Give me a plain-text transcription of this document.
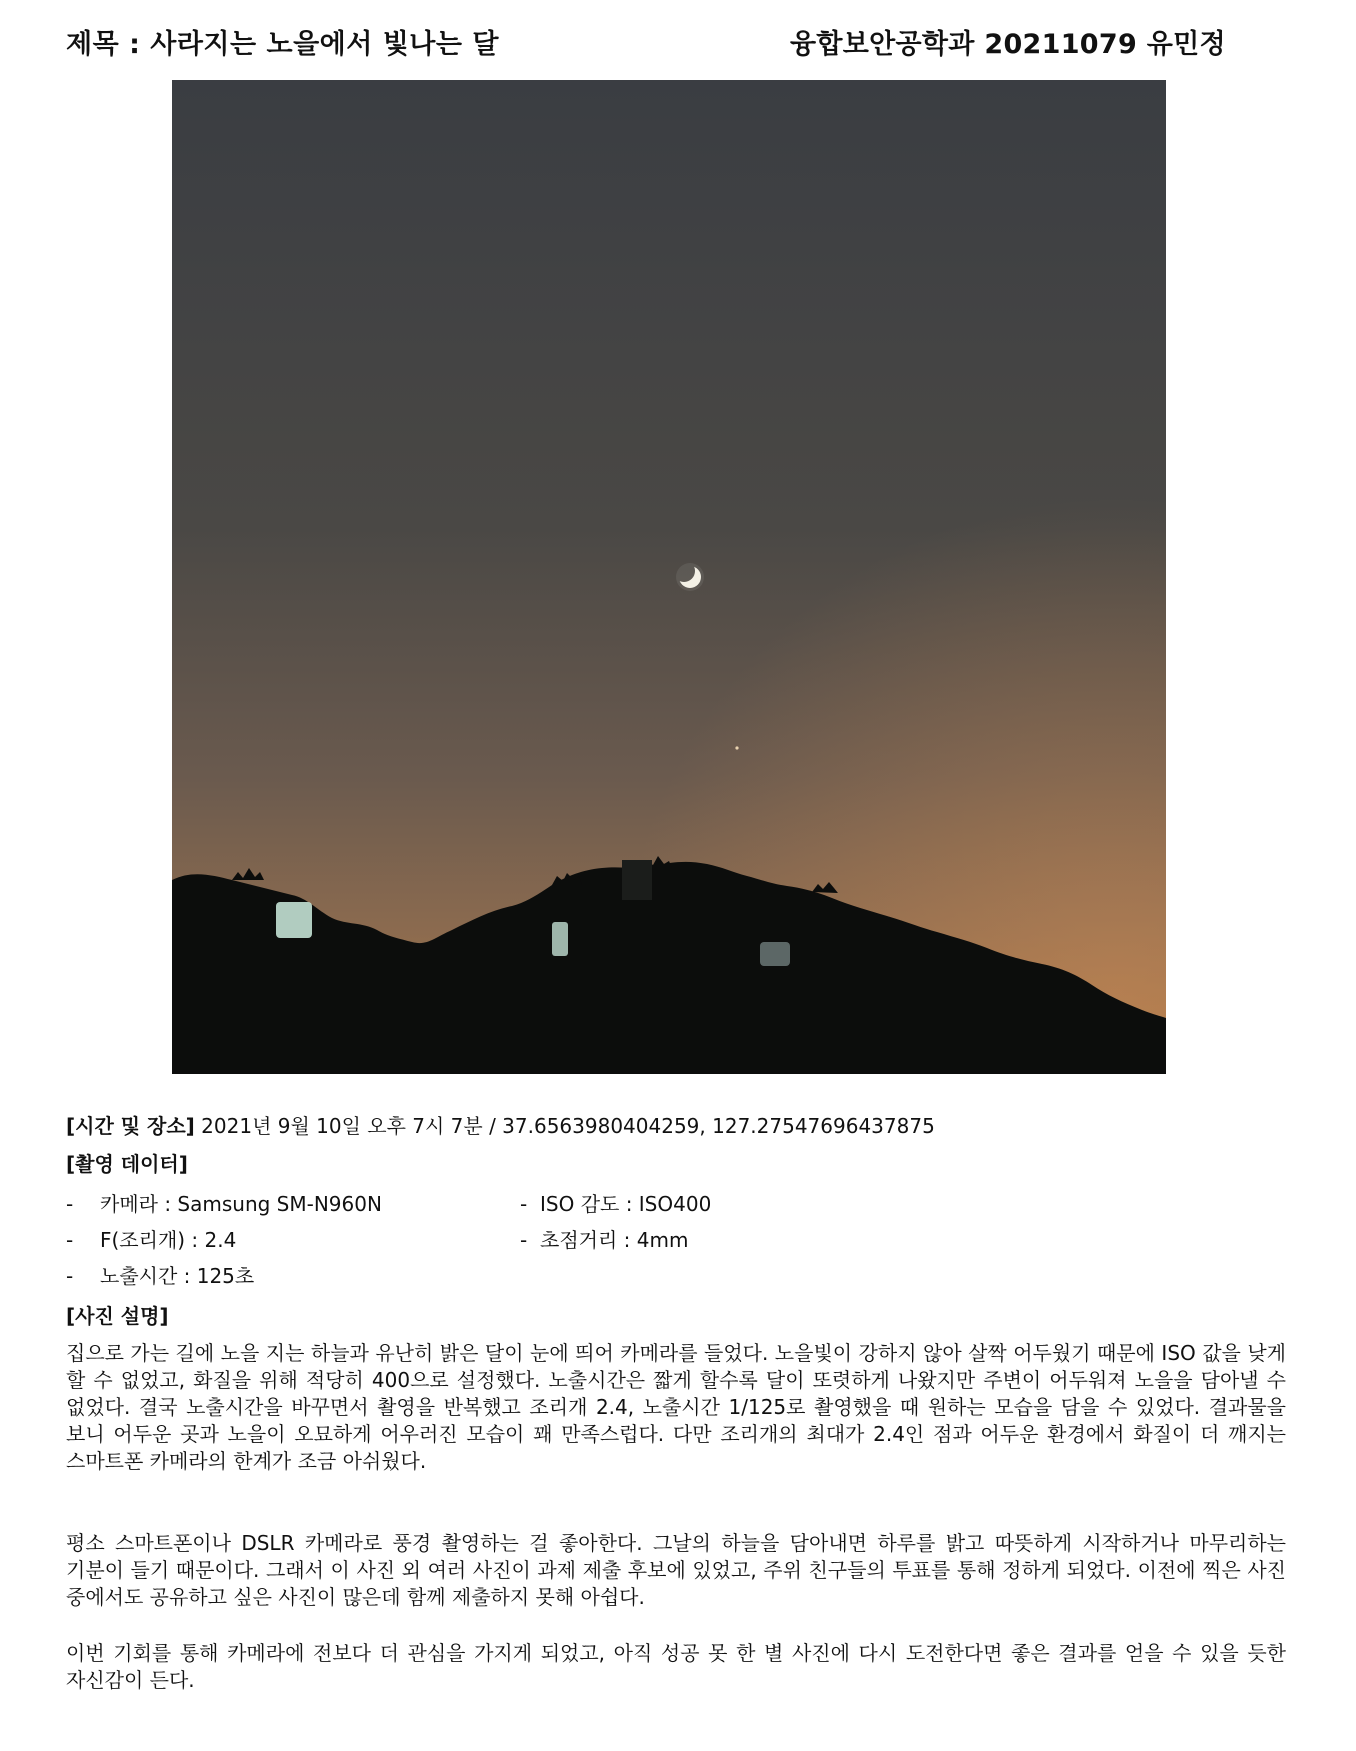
제목 : 사라지는 노을에서 빛나는 달	융합보안공학과 20211079 유민정
[시간 및 장소] 2021년 9월 10일 오후 7시 7분 / 37.6563980404259, 127.27547696437875
[촬영 데이터]
- 카메라 : Samsung SM-N960N	- ISO 감도 : ISO400
- F(조리개) : 2.4	- 초점거리 : 4mm
- 노출시간 : 125초
[사진 설명]
집으로 가는 길에 노을 지는 하늘과 유난히 밝은 달이 눈에 띄어 카메라를 들었다. 노을빛이 강하지 않아 살짝 어두웠기 때문에 ISO 값을 낮게 할 수 없었고, 화질을 위해 적당히 400으로 설정했다. 노출시간은 짧게 할수록 달이 또렷하게 나왔지만 주변이 어두워져 노을을 담아낼 수 없었다. 결국 노출시간을 바꾸면서 촬영을 반복했고 조리개 2.4, 노출시간 1/125로 촬영했을 때 원하는 모습을 담을 수 있었다. 결과물을 보니 어두운 곳과 노을이 오묘하게 어우러진 모습이 꽤 만족스럽다. 다만 조리개의 최대가 2.4인 점과 어두운 환경에서 화질이 더 깨지는 스마트폰 카메라의 한계가 조금 아쉬웠다.
평소 스마트폰이나 DSLR 카메라로 풍경 촬영하는 걸 좋아한다. 그날의 하늘을 담아내면 하루를 밝고 따뜻하게 시작하거나 마무리하는 기분이 들기 때문이다. 그래서 이 사진 외 여러 사진이 과제 제출 후보에 있었고, 주위 친구들의 투표를 통해 정하게 되었다. 이전에 찍은 사진 중에서도 공유하고 싶은 사진이 많은데 함께 제출하지 못해 아쉽다.
이번 기회를 통해 카메라에 전보다 더 관심을 가지게 되었고, 아직 성공 못 한 별 사진에 다시 도전한다면 좋은 결과를 얻을 수 있을 듯한 자신감이 든다.
